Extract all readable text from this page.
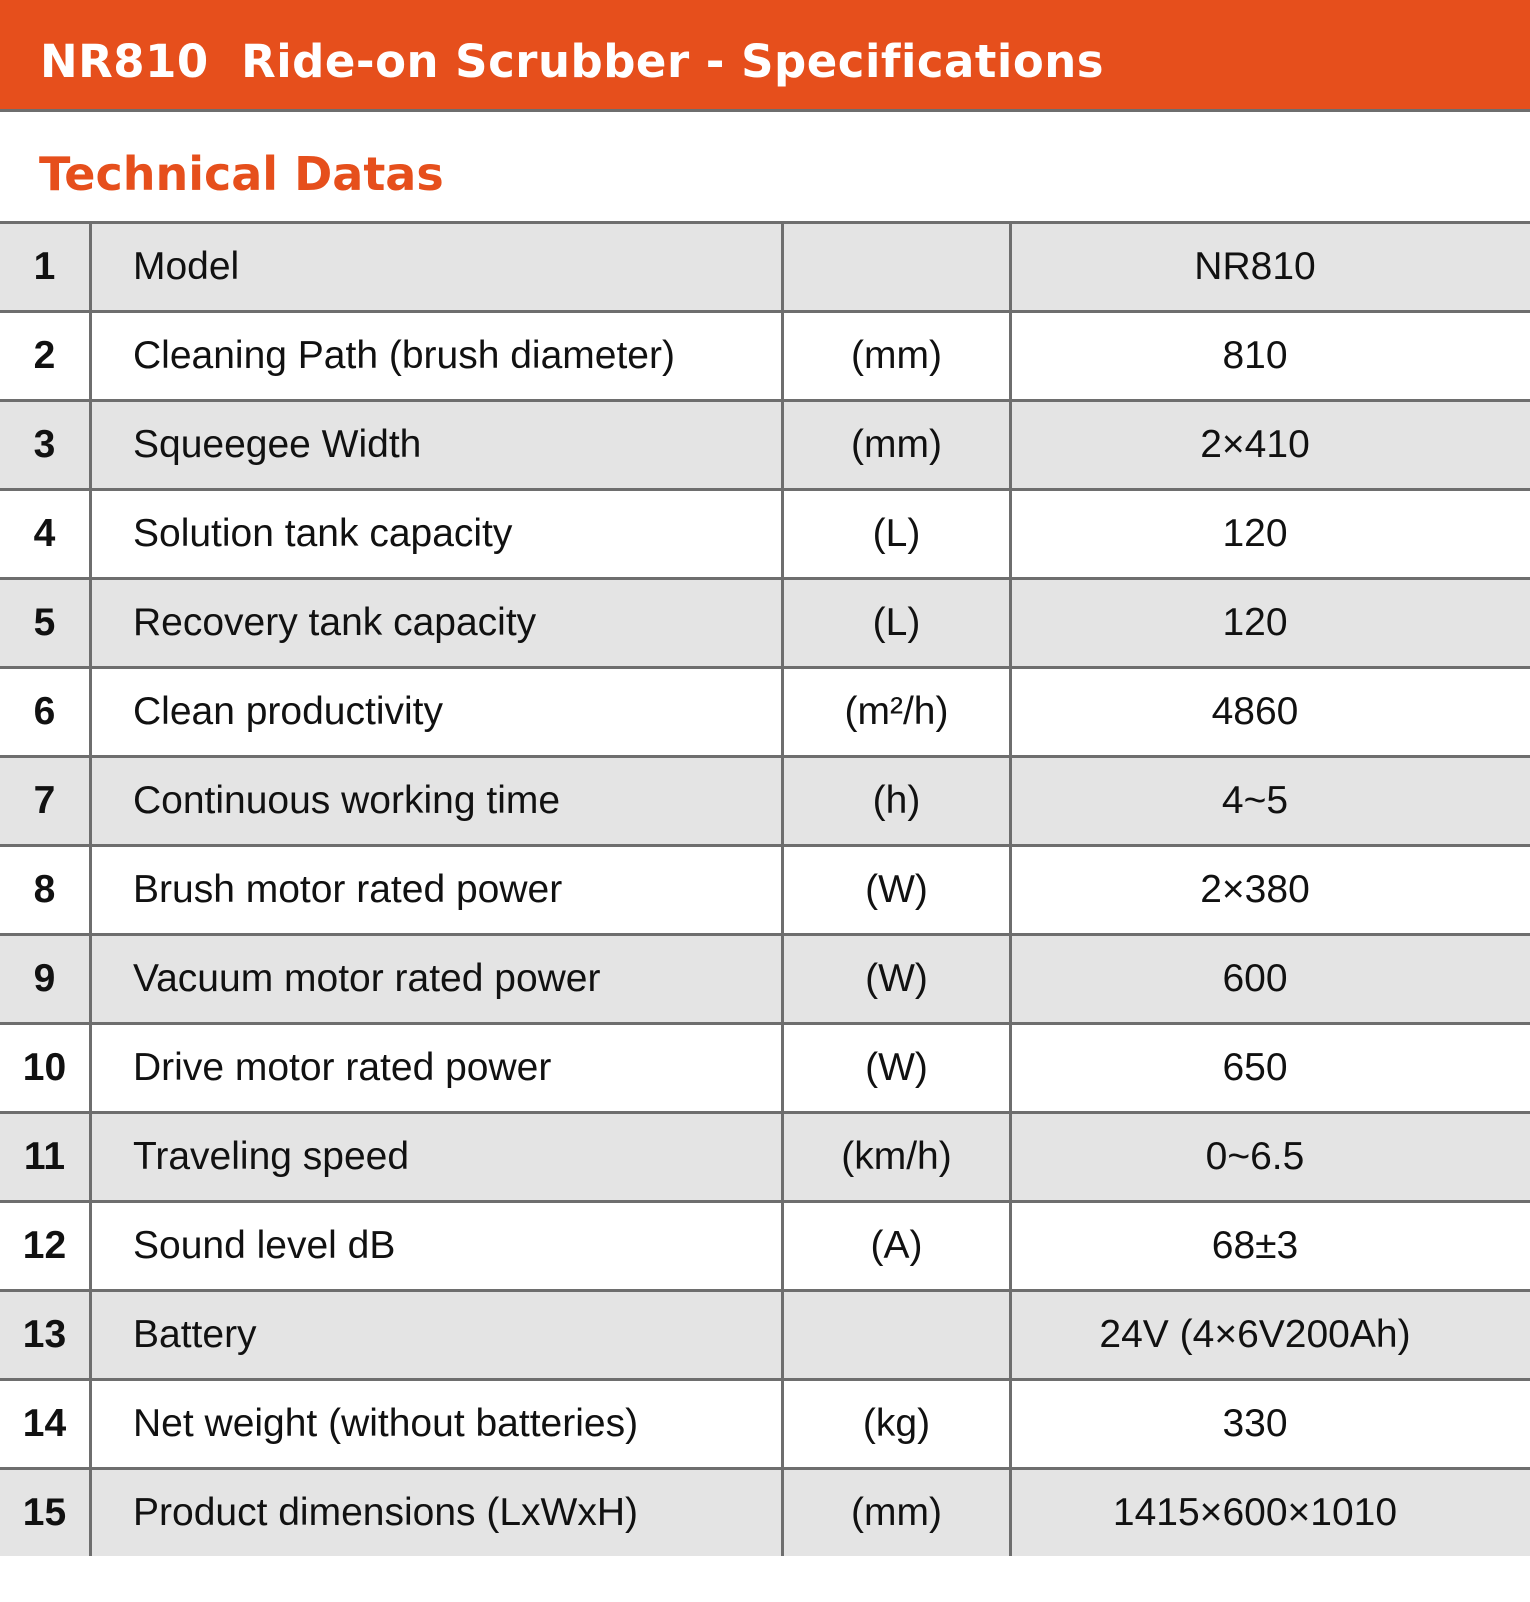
NR810  Ride-on Scrubber - Specifications
Technical Datas
1	Model		NR810
2	Cleaning Path (brush diameter)	(mm)	810
3	Squeegee Width	(mm)	2×410
4	Solution tank capacity	(L)	120
5	Recovery tank capacity	(L)	120
6	Clean productivity	(m²/h)	4860
7	Continuous working time	(h)	4~5
8	Brush motor rated power	(W)	2×380
9	Vacuum motor rated power	(W)	600
10	Drive motor rated power	(W)	650
11	Traveling speed	(km/h)	0~6.5
12	Sound level dB	(A)	68±3
13	Battery		24V (4×6V200Ah)
14	Net weight (without batteries)	(kg)	330
15	Product dimensions (LxWxH)	(mm)	1415×600×1010
